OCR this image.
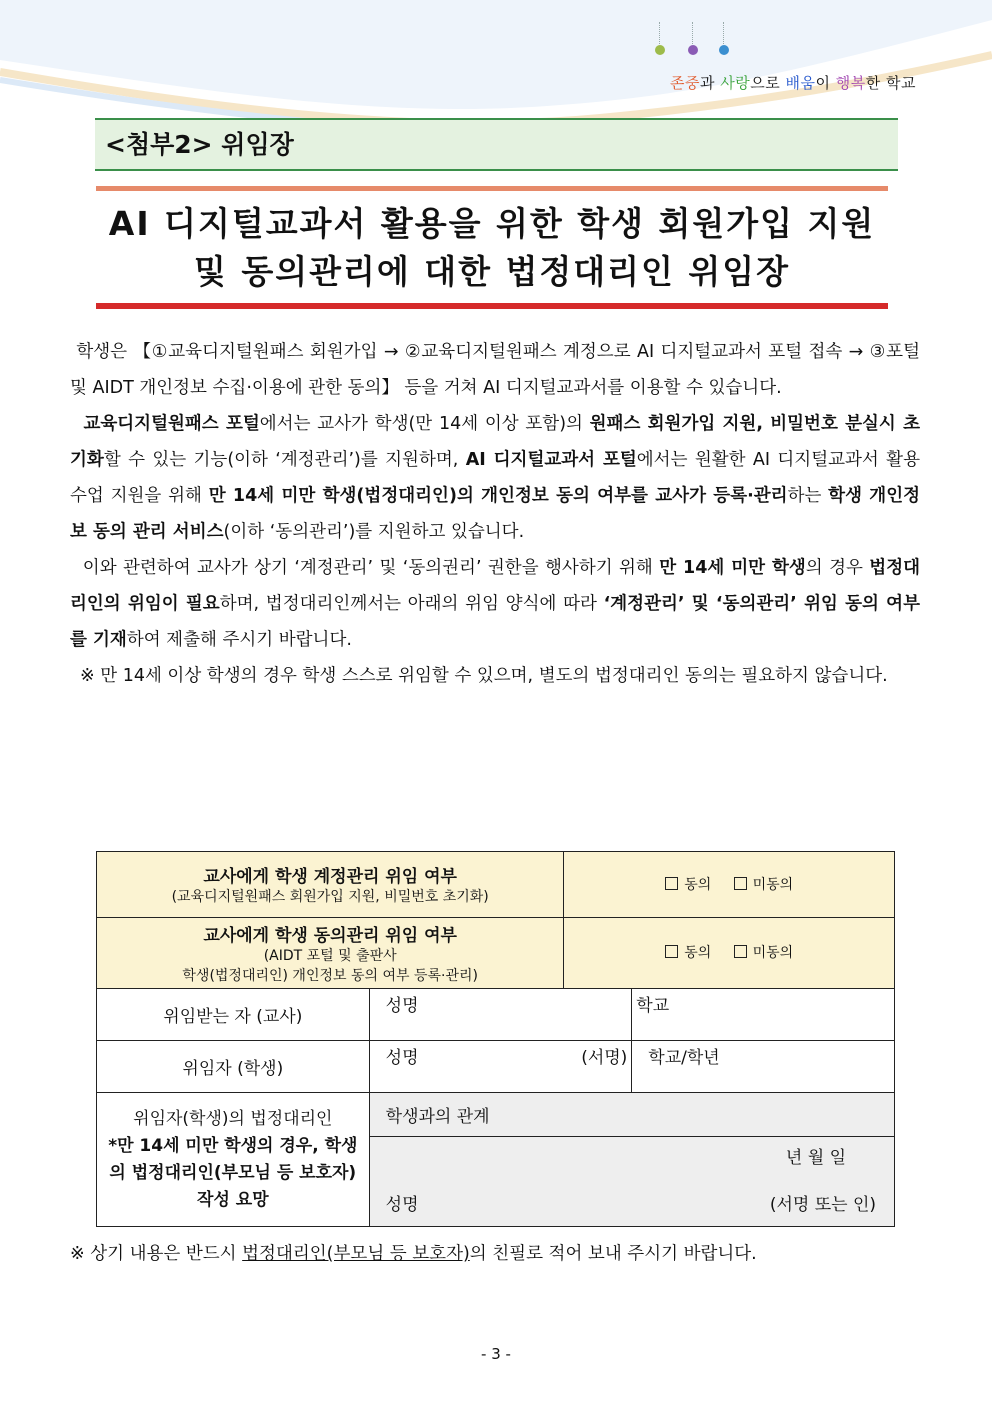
존중과 사랑으로 배움이 행복한 학교
<첨부2> 위임장
AI 디지털교과서 활용을 위한 학생 회원가입 지원
및 동의관리에 대한 법정대리인 위임장

학생은 【①교육디지털원패스 회원가입 → ②교육디지털원패스 계정으로 AI 디지털교과서 포털 접속 → ③포털 및 AIDT 개인정보 수집·이용에 관한 동의】 등을 거쳐 AI 디지털교과서를 이용할 수 있습니다.

교육디지털원패스 포털에서는 교사가 학생(만 14세 이상 포함)의 원패스 회원가입 지원, 비밀번호 분실시 초기화할 수 있는 기능(이하 ‘계정관리’)를 지원하며, AI 디지털교과서 포털에서는 원활한 AI 디지털교과서 활용 수업 지원을 위해 만 14세 미만 학생(법정대리인)의 개인정보 동의 여부를 교사가 등록·관리하는 학생 개인정보 동의 관리 서비스(이하 ‘동의관리’)를 지원하고 있습니다.

이와 관련하여 교사가 상기 ‘계정관리’ 및 ‘동의권리’ 권한을 행사하기 위해 만 14세 미만 학생의 경우 법정대리인의 위임이 필요하며, 법정대리인께서는 아래의 위임 양식에 따라 ‘계정관리’ 및 ‘동의관리’ 위임 동의 여부를 기재하여 제출해 주시기 바랍니다.

※ 만 14세 이상 학생의 경우 학생 스스로 위임할 수 있으며, 별도의 법정대리인 동의는 필요하지 않습니다.

교사에게 학생 계정관리 위임 여부
(교육디지털원패스 회원가입 지원, 비밀번호 초기화)		동의 미동의	

교사에게 학생 동의관리 위임 여부
(AIDT 포털 및 출판사
학생(법정대리인) 개인정보 동의 여부 등록·관리)		동의 미동의	
위임받는 자 (교사)	성명		학교
위임자 (학생)	성명 (서명)		학교/학년

위임자(학생)의 법정대리인
*만 14세 미만 학생의 경우, 학생의 법정대리인(부모님 등 보호자) 작성 요망	학생과의 관계		

	년 월 일
성명 (서명 또는 인)		
※ 상기 내용은 반드시 법정대리인(부모님 등 보호자)의 친필로 적어 보내 주시기 바랍니다.
- 3 -
